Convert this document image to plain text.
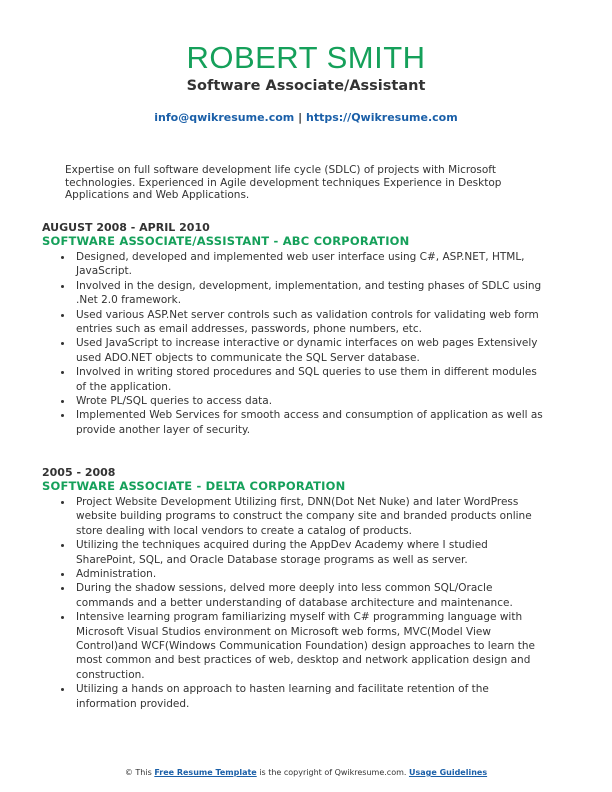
ROBERT SMITH
Software Associate/Assistant
info@qwikresume.com | https://Qwikresume.com
Expertise on full software development life cycle (SDLC) of projects with Microsoft technologies. Experienced in Agile development techniques Experience in Desktop Applications and Web Applications.
AUGUST 2008 - APRIL 2010
SOFTWARE ASSOCIATE/ASSISTANT - ABC CORPORATION
Designed, developed and implemented web user interface using C#, ASP.NET, HTML, JavaScript.
Involved in the design, development, implementation, and testing phases of SDLC using .Net 2.0 framework.
Used various ASP.Net server controls such as validation controls for validating web form entries such as email addresses, passwords, phone numbers, etc.
Used JavaScript to increase interactive or dynamic interfaces on web pages Extensively used ADO.NET objects to communicate the SQL Server database.
Involved in writing stored procedures and SQL queries to use them in different modules of the application.
Wrote PL/SQL queries to access data.
Implemented Web Services for smooth access and consumption of application as well as provide another layer of security.
2005 - 2008
SOFTWARE ASSOCIATE - DELTA CORPORATION
Project Website Development Utilizing first, DNN(Dot Net Nuke) and later WordPress website building programs to construct the company site and branded products online store dealing with local vendors to create a catalog of products.
Utilizing the techniques acquired during the AppDev Academy where I studied SharePoint, SQL, and Oracle Database storage programs as well as server.
Administration.
During the shadow sessions, delved more deeply into less common SQL/Oracle commands and a better understanding of database architecture and maintenance.
Intensive learning program familiarizing myself with C# programming language with Microsoft Visual Studios environment on Microsoft web forms, MVC(Model View Control)and WCF(Windows Communication Foundation) design approaches to learn the most common and best practices of web, desktop and network application design and construction.
Utilizing a hands on approach to hasten learning and facilitate retention of the information provided.
© This Free Resume Template is the copyright of Qwikresume.com. Usage Guidelines
